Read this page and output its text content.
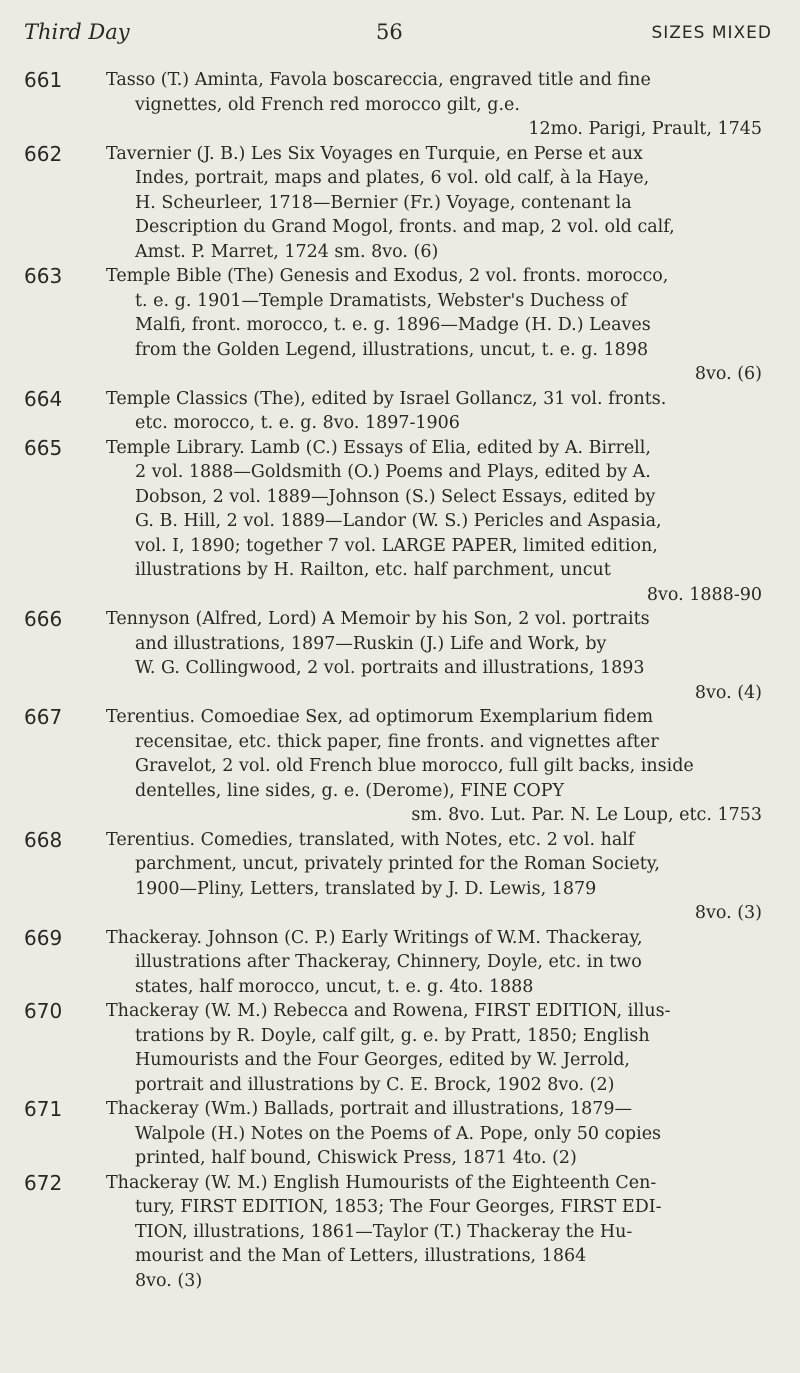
Third Day	56	SIZES MIXED
661	Tasso (T.) Aminta, Favola boscareccia, engraved title and fine
vignettes, old French red morocco gilt, g.e.
12mo. Parigi, Prault, 1745
662	Tavernier (J. B.) Les Six Voyages en Turquie, en Perse et aux
Indes, portrait, maps and plates, 6 vol. old calf, à la Haye,
H. Scheurleer, 1718—Bernier (Fr.) Voyage, contenant la
Description du Grand Mogol, fronts. and map, 2 vol. old calf,
Amst. P. Marret, 1724 sm. 8vo. (6)
663	Temple Bible (The) Genesis and Exodus, 2 vol. fronts. morocco,
t. e. g. 1901—Temple Dramatists, Webster's Duchess of
Malfi, front. morocco, t. e. g. 1896—Madge (H. D.) Leaves
from the Golden Legend, illustrations, uncut, t. e. g. 1898
8vo. (6)
664	Temple Classics (The), edited by Israel Gollancz, 31 vol. fronts.
etc. morocco, t. e. g. 8vo. 1897-1906
665	Temple Library. Lamb (C.) Essays of Elia, edited by A. Birrell,
2 vol. 1888—Goldsmith (O.) Poems and Plays, edited by A.
Dobson, 2 vol. 1889—Johnson (S.) Select Essays, edited by
G. B. Hill, 2 vol. 1889—Landor (W. S.) Pericles and Aspasia,
vol. I, 1890; together 7 vol. LARGE PAPER, limited edition,
illustrations by H. Railton, etc. half parchment, uncut
8vo. 1888-90
666	Tennyson (Alfred, Lord) A Memoir by his Son, 2 vol. portraits
and illustrations, 1897—Ruskin (J.) Life and Work, by
W. G. Collingwood, 2 vol. portraits and illustrations, 1893
8vo. (4)
667	Terentius. Comoediae Sex, ad optimorum Exemplarium fidem
recensitae, etc. thick paper, fine fronts. and vignettes after
Gravelot, 2 vol. old French blue morocco, full gilt backs, inside
dentelles, line sides, g. e. (Derome), FINE COPY
sm. 8vo. Lut. Par. N. Le Loup, etc. 1753
668	Terentius. Comedies, translated, with Notes, etc. 2 vol. half
parchment, uncut, privately printed for the Roman Society,
1900—Pliny, Letters, translated by J. D. Lewis, 1879
8vo. (3)
669	Thackeray. Johnson (C. P.) Early Writings of W.M. Thackeray,
illustrations after Thackeray, Chinnery, Doyle, etc. in two
states, half morocco, uncut, t. e. g. 4to. 1888
670	Thackeray (W. M.) Rebecca and Rowena, FIRST EDITION, illus-
trations by R. Doyle, calf gilt, g. e. by Pratt, 1850; English
Humourists and the Four Georges, edited by W. Jerrold,
portrait and illustrations by C. E. Brock, 1902 8vo. (2)
671	Thackeray (Wm.) Ballads, portrait and illustrations, 1879—
Walpole (H.) Notes on the Poems of A. Pope, only 50 copies
printed, half bound, Chiswick Press, 1871 4to. (2)
672	Thackeray (W. M.) English Humourists of the Eighteenth Cen-
tury, FIRST EDITION, 1853; The Four Georges, FIRST EDI-
TION, illustrations, 1861—Taylor (T.) Thackeray the Hu-
mourist and the Man of Letters, illustrations, 1864
8vo. (3)
